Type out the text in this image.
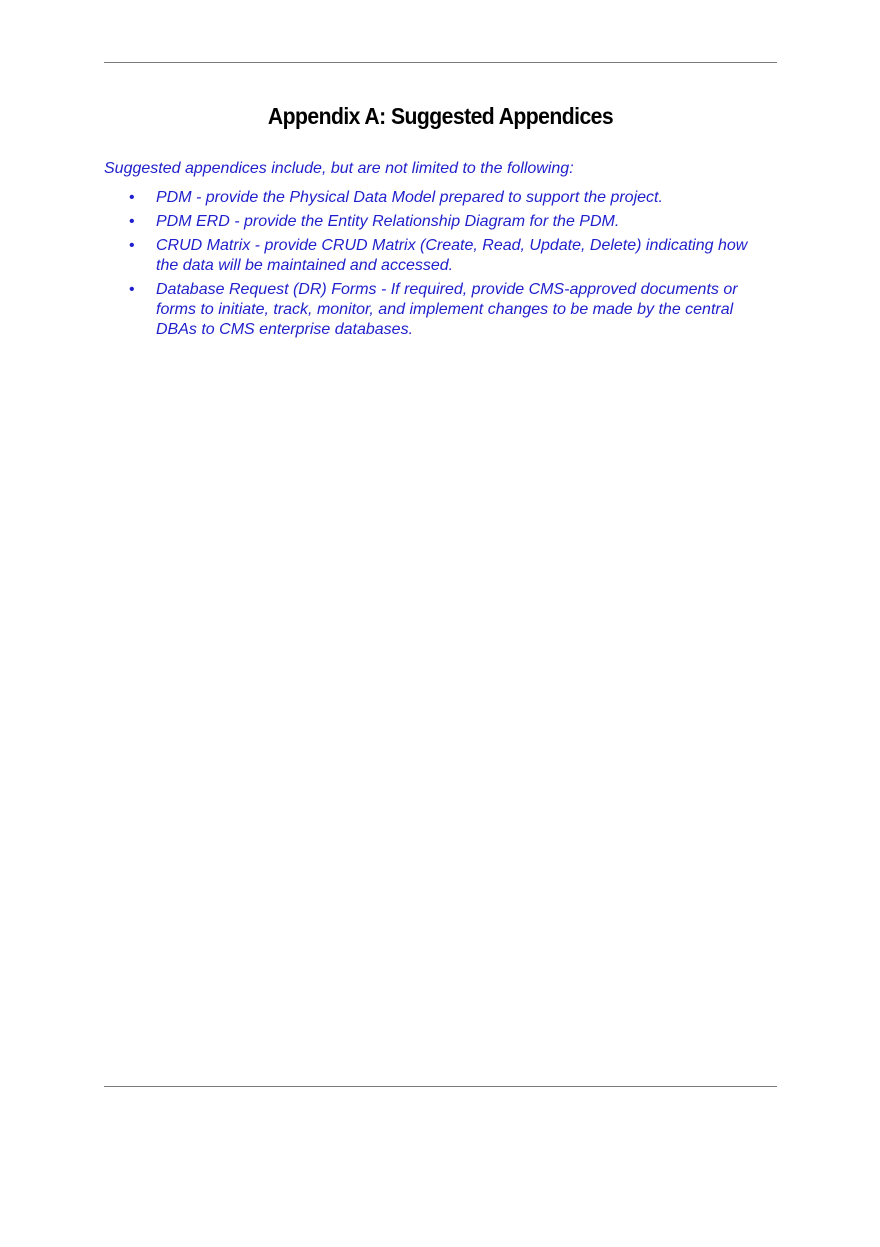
Appendix A: Suggested Appendices

Suggested appendices include, but are not limited to the following:

• PDM - provide the Physical Data Model prepared to support the project.
• PDM ERD - provide the Entity Relationship Diagram for the PDM.
• CRUD Matrix - provide CRUD Matrix (Create, Read, Update, Delete) indicating how the data will be maintained and accessed.
• Database Request (DR) Forms - If required, provide CMS-approved documents or forms to initiate, track, monitor, and implement changes to be made by the central DBAs to CMS enterprise databases.
